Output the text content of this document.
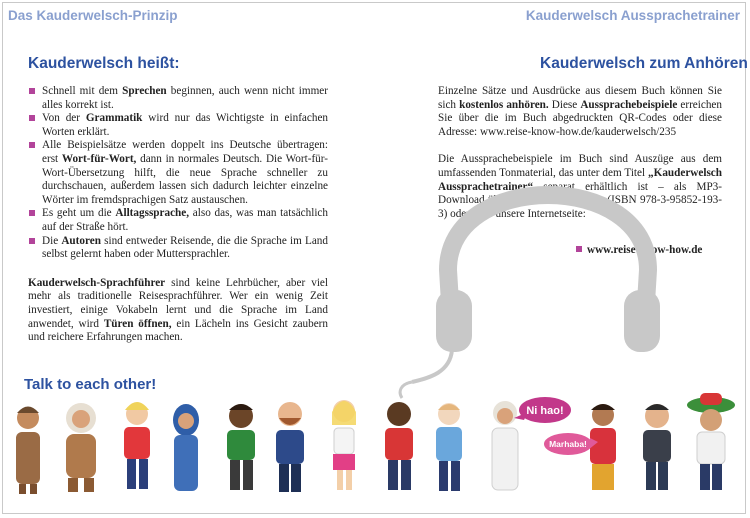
Das Kauderwelsch-Prinzip	Kauderwelsch Aussprachetrainer
Kauderwelsch heißt:	Kauderwelsch zum Anhören
Schnell mit dem Sprechen beginnen, auch wenn nicht immer alles korrekt ist.
Von der Grammatik wird nur das Wichtigste in einfachen Worten erklärt.
Alle Beispielsätze werden doppelt ins Deutsche übertragen: erst Wort-für-Wort, dann in normales Deutsch. Die Wort-für-Wort-Übersetzung hilft, die neue Sprache schneller zu durchschauen, außerdem lassen sich dadurch leichter einzelne Wörter im fremdsprachigen Satz austauschen.
Es geht um die Alltagssprache, also das, was man tatsächlich auf der Straße hört.
Die Autoren sind entweder Reisende, die die Sprache im Land selbst gelernt haben oder Muttersprachler.

Kauderwelsch-Sprachführer sind keine Lehrbücher, aber viel mehr als traditionelle Reisesprachführer. Wer ein wenig Zeit investiert, einige Vokabeln lernt und die Sprache im Land anwendet, wird Türen öffnen, ein Lächeln ins Gesicht zaubern und reichere Erfahrungen machen.

Einzelne Sätze und Ausdrücke aus diesem Buch können Sie sich kostenlos anhören. Diese Aussprachebeispiele erreichen Sie über die im Buch abgedruckten QR-Codes oder diese Adresse: www.reise-know-how.de/kauderwelsch/235

Die Aussprachebeispiele im Buch sind Auszüge aus dem umfassenden Tonmaterial, das unter dem Titel „Kauderwelsch Aussprachetrainer“ separat erhältlich ist – als MP3-Download über Onlinehörbuchshops (ISBN 978-3-95852-193-3) oder über unsere Internetseite:

www.reise-know-how.de
Talk to each other!
Ni hao!
Marhaba!
